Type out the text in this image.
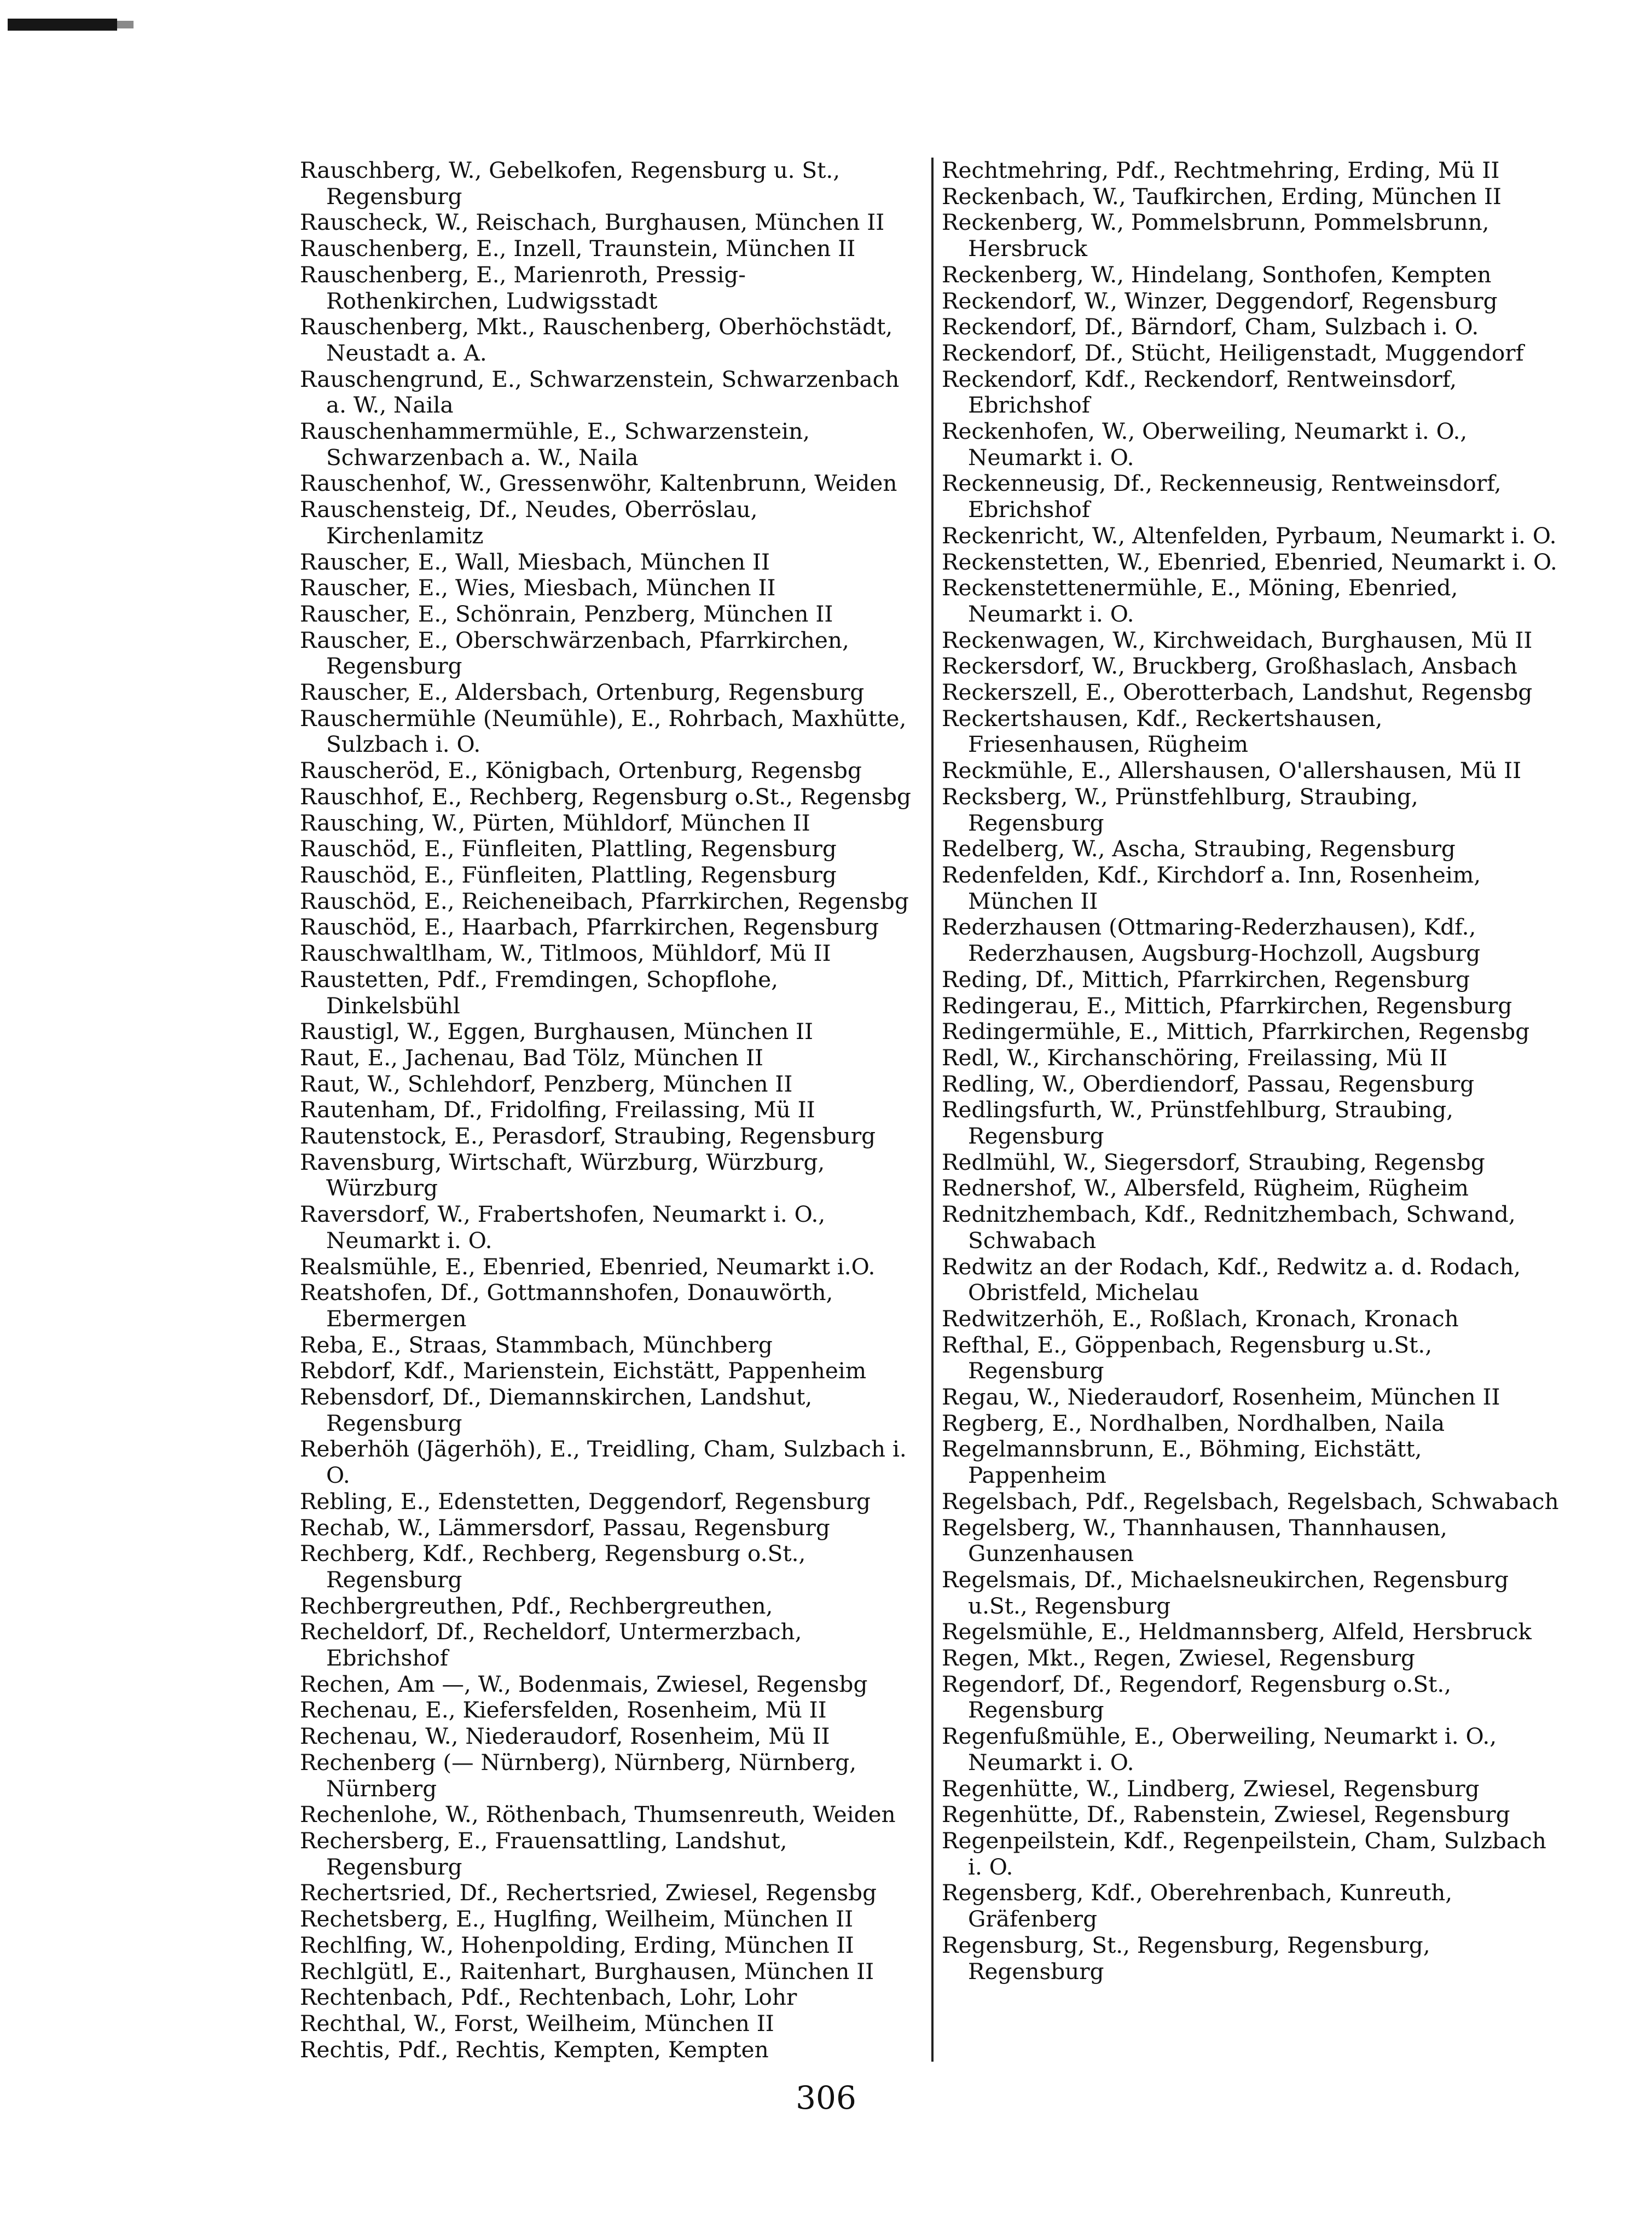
Rauschberg, W., Gebelkofen, Regensburg u. St., Regensburg

Rauscheck, W., Reischach, Burghausen, München II

Rauschenberg, E., Inzell, Traunstein, München II

Rauschenberg, E., Marienroth, Pressig-Rothenkirchen, Ludwigsstadt

Rauschenberg, Mkt., Rauschenberg, Oberhöchstädt, Neustadt a. A.

Rauschengrund, E., Schwarzenstein, Schwarzenbach a. W., Naila

Rauschenhammermühle, E., Schwarzenstein, Schwarzenbach a. W., Naila

Rauschenhof, W., Gressenwöhr, Kaltenbrunn, Weiden

Rauschensteig, Df., Neudes, Oberröslau, Kirchenlamitz

Rauscher, E., Wall, Miesbach, München II

Rauscher, E., Wies, Miesbach, München II

Rauscher, E., Schönrain, Penzberg, München II

Rauscher, E., Oberschwärzenbach, Pfarrkirchen, Regensburg

Rauscher, E., Aldersbach, Ortenburg, Regensburg

Rauschermühle (Neumühle), E., Rohrbach, Maxhütte, Sulzbach i. O.

Rauscheröd, E., Königbach, Ortenburg, Regensbg

Rauschhof, E., Rechberg, Regensburg o.St., Regensbg

Rausching, W., Pürten, Mühldorf, München II

Rauschöd, E., Fünfleiten, Plattling, Regensburg

Rauschöd, E., Fünfleiten, Plattling, Regensburg

Rauschöd, E., Reicheneibach, Pfarrkirchen, Regensbg

Rauschöd, E., Haarbach, Pfarrkirchen, Regensburg

Rauschwaltlham, W., Titlmoos, Mühldorf, Mü II

Raustetten, Pdf., Fremdingen, Schopflohe, Dinkelsbühl

Raustigl, W., Eggen, Burghausen, München II

Raut, E., Jachenau, Bad Tölz, München II

Raut, W., Schlehdorf, Penzberg, München II

Rautenham, Df., Fridolfing, Freilassing, Mü II

Rautenstock, E., Perasdorf, Straubing, Regensburg

Ravensburg, Wirtschaft, Würzburg, Würzburg, Würzburg

Raversdorf, W., Frabertshofen, Neumarkt i. O., Neumarkt i. O.

Realsmühle, E., Ebenried, Ebenried, Neumarkt i.O.

Reatshofen, Df., Gottmannshofen, Donauwörth, Ebermergen

Reba, E., Straas, Stammbach, Münchberg

Rebdorf, Kdf., Marienstein, Eichstätt, Pappenheim

Rebensdorf, Df., Diemannskirchen, Landshut, Regensburg

Reberhöh (Jägerhöh), E., Treidling, Cham, Sulzbach i. O.

Rebling, E., Edenstetten, Deggendorf, Regensburg

Rechab, W., Lämmersdorf, Passau, Regensburg

Rechberg, Kdf., Rechberg, Regensburg o.St., Regensburg

Rechbergreuthen, Pdf., Rechbergreuthen,

Recheldorf, Df., Recheldorf, Untermerzbach, Ebrichshof

Rechen, Am —, W., Bodenmais, Zwiesel, Regensbg

Rechenau, E., Kiefersfelden, Rosenheim, Mü II

Rechenau, W., Niederaudorf, Rosenheim, Mü II

Rechenberg (— Nürnberg), Nürnberg, Nürnberg, Nürnberg

Rechenlohe, W., Röthenbach, Thumsenreuth, Weiden

Rechersberg, E., Frauensattling, Landshut, Regensburg

Rechertsried, Df., Rechertsried, Zwiesel, Regensbg

Rechetsberg, E., Huglfing, Weilheim, München II

Rechlfing, W., Hohenpolding, Erding, München II

Rechlgütl, E., Raitenhart, Burghausen, München II

Rechtenbach, Pdf., Rechtenbach, Lohr, Lohr

Rechthal, W., Forst, Weilheim, München II

Rechtis, Pdf., Rechtis, Kempten, Kempten

Rechtmehring, Pdf., Rechtmehring, Erding, Mü II

Reckenbach, W., Taufkirchen, Erding, München II

Reckenberg, W., Pommelsbrunn, Pommelsbrunn, Hersbruck

Reckenberg, W., Hindelang, Sonthofen, Kempten

Reckendorf, W., Winzer, Deggendorf, Regensburg

Reckendorf, Df., Bärndorf, Cham, Sulzbach i. O.

Reckendorf, Df., Stücht, Heiligenstadt, Muggendorf

Reckendorf, Kdf., Reckendorf, Rentweinsdorf, Ebrichshof

Reckenhofen, W., Oberweiling, Neumarkt i. O., Neumarkt i. O.

Reckenneusig, Df., Reckenneusig, Rentweinsdorf, Ebrichshof

Reckenricht, W., Altenfelden, Pyrbaum, Neumarkt i. O.

Reckenstetten, W., Ebenried, Ebenried, Neumarkt i. O.

Reckenstettenermühle, E., Möning, Ebenried, Neumarkt i. O.

Reckenwagen, W., Kirchweidach, Burghausen, Mü II

Reckersdorf, W., Bruckberg, Großhaslach, Ansbach

Reckerszell, E., Oberotterbach, Landshut, Regensbg

Reckertshausen, Kdf., Reckertshausen, Friesenhausen, Rügheim

Reckmühle, E., Allershausen, O'allershausen, Mü II

Recksberg, W., Prünstfehlburg, Straubing, Regensburg

Redelberg, W., Ascha, Straubing, Regensburg

Redenfelden, Kdf., Kirchdorf a. Inn, Rosenheim, München II

Rederzhausen (Ottmaring-Rederzhausen), Kdf., Rederzhausen, Augsburg-Hochzoll, Augsburg

Reding, Df., Mittich, Pfarrkirchen, Regensburg

Redingerau, E., Mittich, Pfarrkirchen, Regensburg

Redingermühle, E., Mittich, Pfarrkirchen, Regensbg

Redl, W., Kirchanschöring, Freilassing, Mü II

Redling, W., Oberdiendorf, Passau, Regensburg

Redlingsfurth, W., Prünstfehlburg, Straubing, Regensburg

Redlmühl, W., Siegersdorf, Straubing, Regensbg

Rednershof, W., Albersfeld, Rügheim, Rügheim

Rednitzhembach, Kdf., Rednitzhembach, Schwand, Schwabach

Redwitz an der Rodach, Kdf., Redwitz a. d. Rodach, Obristfeld, Michelau

Redwitzerhöh, E., Roßlach, Kronach, Kronach

Refthal, E., Göppenbach, Regensburg u.St., Regensburg

Regau, W., Niederaudorf, Rosenheim, München II

Regberg, E., Nordhalben, Nordhalben, Naila

Regelmannsbrunn, E., Böhming, Eichstätt, Pappenheim

Regelsbach, Pdf., Regelsbach, Regelsbach, Schwabach

Regelsberg, W., Thannhausen, Thannhausen, Gunzenhausen

Regelsmais, Df., Michaelsneukirchen, Regensburg u.St., Regensburg

Regelsmühle, E., Heldmannsberg, Alfeld, Hersbruck

Regen, Mkt., Regen, Zwiesel, Regensburg

Regendorf, Df., Regendorf, Regensburg o.St., Regensburg

Regenfußmühle, E., Oberweiling, Neumarkt i. O., Neumarkt i. O.

Regenhütte, W., Lindberg, Zwiesel, Regensburg

Regenhütte, Df., Rabenstein, Zwiesel, Regensburg

Regenpeilstein, Kdf., Regenpeilstein, Cham, Sulzbach i. O.

Regensberg, Kdf., Oberehrenbach, Kunreuth, Gräfenberg

Regensburg, St., Regensburg, Regensburg, Regensburg

306
